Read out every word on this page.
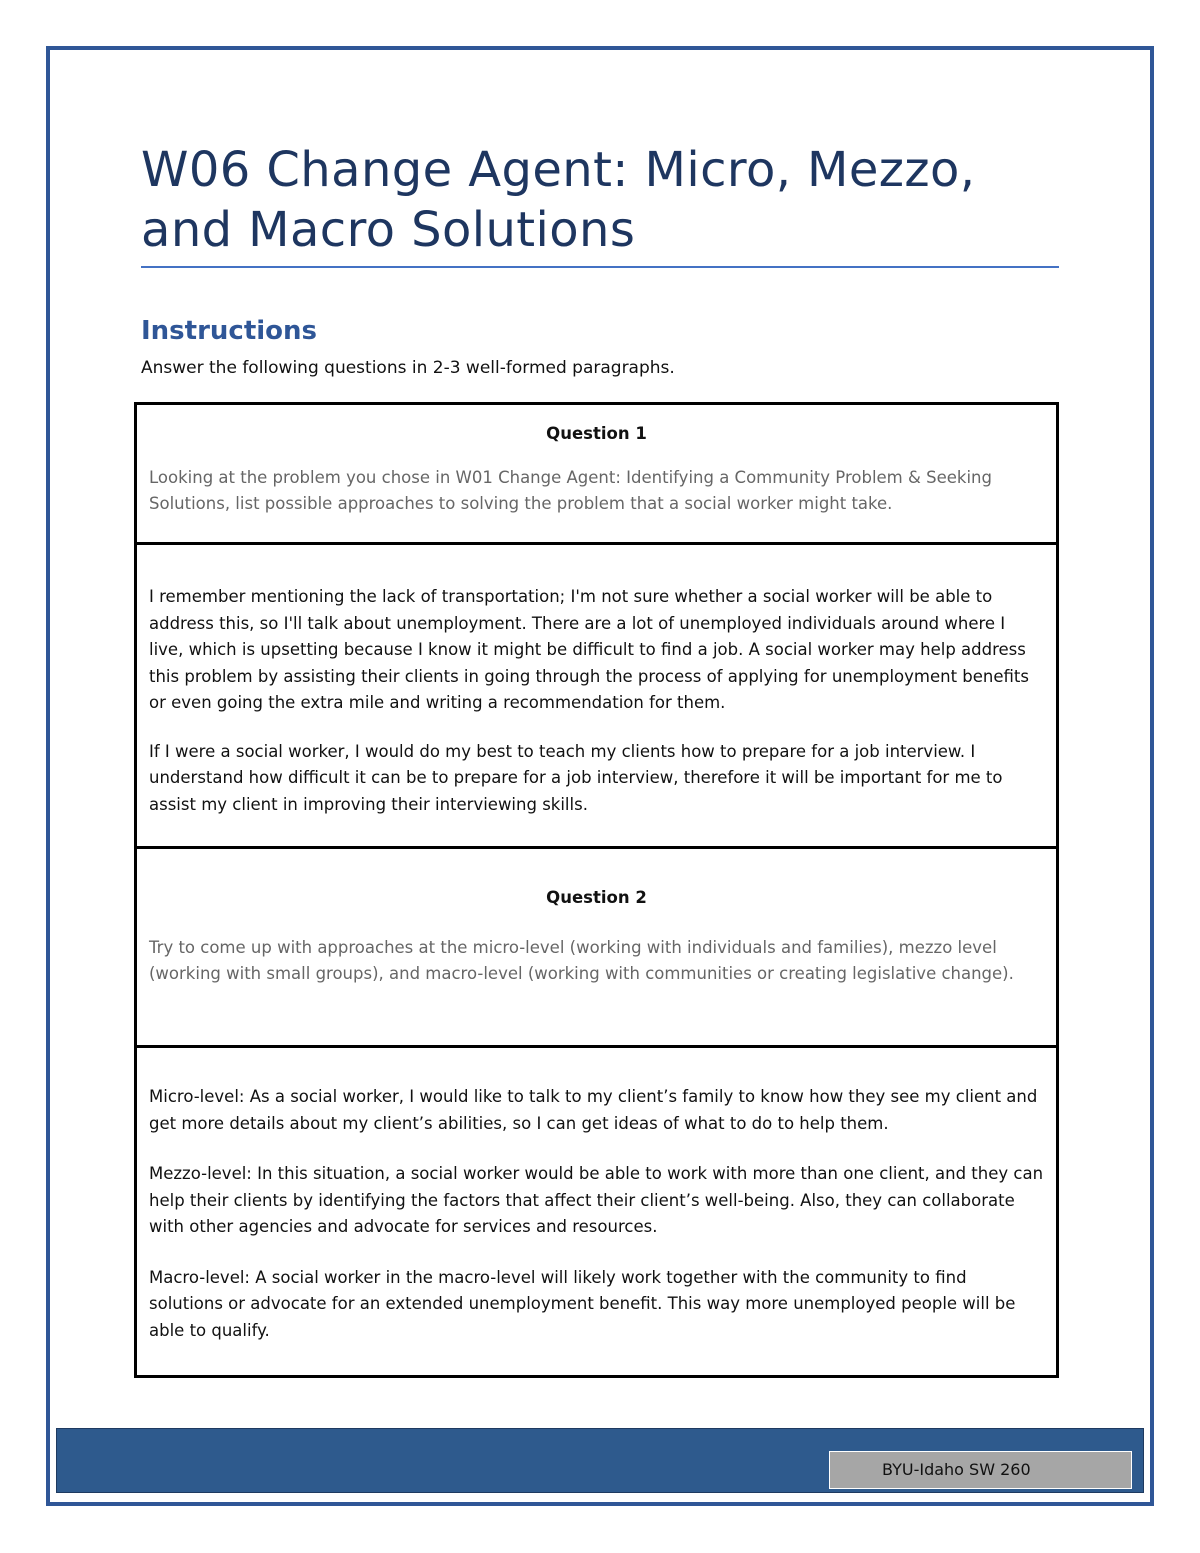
W06 Change Agent: Micro, Mezzo, and Macro Solutions
Instructions

Answer the following questions in 2-3 well-formed paragraphs.

Question 1

Looking at the problem you chose in W01 Change Agent: Identifying a Community Problem & Seeking Solutions, list possible approaches to solving the problem that a social worker might take.

I remember mentioning the lack of transportation; I'm not sure whether a social worker will be able to address this, so I'll talk about unemployment. There are a lot of unemployed individuals around where I live, which is upsetting because I know it might be difficult to find a job. A social worker may help address this problem by assisting their clients in going through the process of applying for unemployment benefits or even going the extra mile and writing a recommendation for them.

If I were a social worker, I would do my best to teach my clients how to prepare for a job interview. I understand how difficult it can be to prepare for a job interview, therefore it will be important for me to assist my client in improving their interviewing skills.

Question 2

Try to come up with approaches at the micro-level (working with individuals and families), mezzo level (working with small groups), and macro-level (working with communities or creating legislative change).

Micro-level: As a social worker, I would like to talk to my client’s family to know how they see my client and get more details about my client’s abilities, so I can get ideas of what to do to help them.

Mezzo-level: In this situation, a social worker would be able to work with more than one client, and they can help their clients by identifying the factors that affect their client’s well-being. Also, they can collaborate with other agencies and advocate for services and resources.

Macro-level: A social worker in the macro-level will likely work together with the community to find solutions or advocate for an extended unemployment benefit. This way more unemployed people will be able to qualify.

BYU-Idaho SW 260
